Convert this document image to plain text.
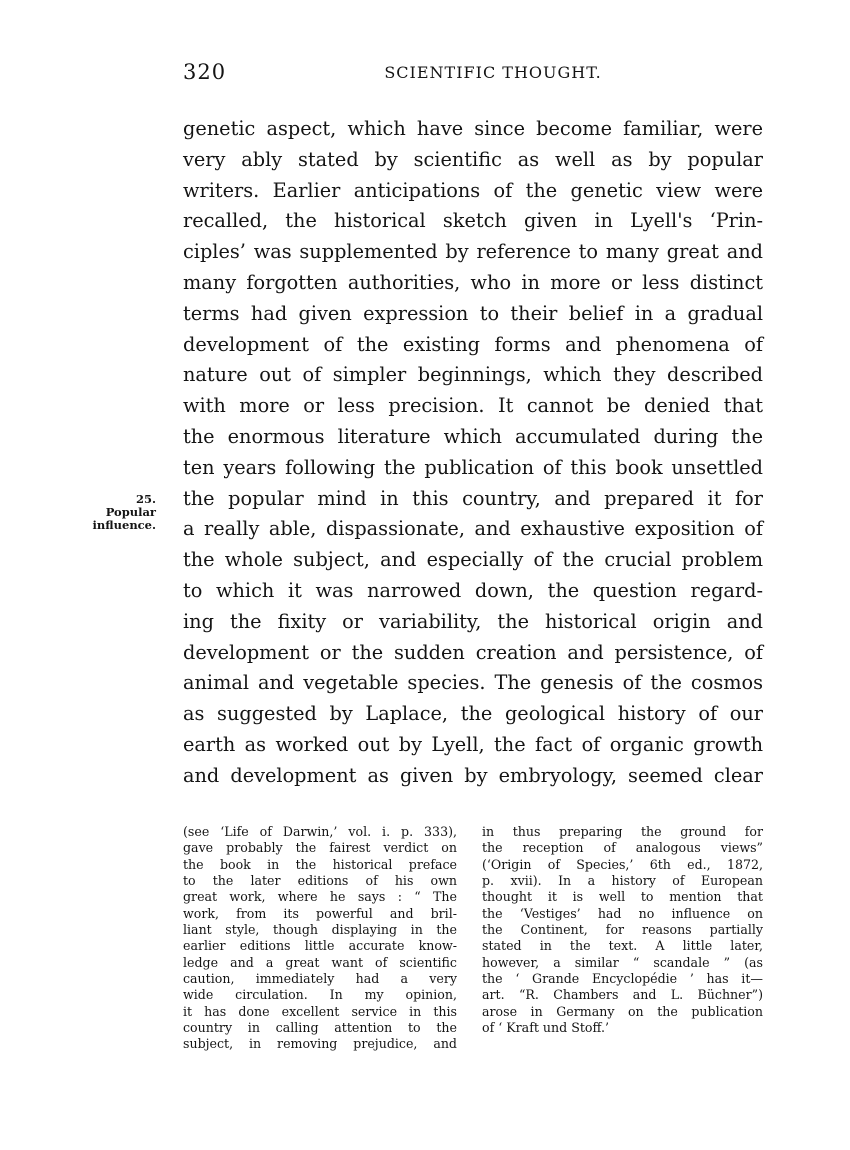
320	SCIENTIFIC THOUGHT.
25.
Popular
influence.
genetic aspect, which have since become familiar, were
very ably stated by scientific as well as by popular
writers. Earlier anticipations of the genetic view were
recalled, the historical sketch given in Lyell's ‘Prin-
ciples’ was supplemented by reference to many great and
many forgotten authorities, who in more or less distinct
terms had given expression to their belief in a gradual
development of the existing forms and phenomena of
nature out of simpler beginnings, which they described
with more or less precision. It cannot be denied that
the enormous literature which accumulated during the
ten years following the publication of this book unsettled
the popular mind in this country, and prepared it for
a really able, dispassionate, and exhaustive exposition of
the whole subject, and especially of the crucial problem
to which it was narrowed down, the question regard-
ing the fixity or variability, the historical origin and
development or the sudden creation and persistence, of
animal and vegetable species. The genesis of the cosmos
as suggested by Laplace, the geological history of our
earth as worked out by Lyell, the fact of organic growth
and development as given by embryology, seemed clear
(see ‘Life of Darwin,’ vol. i. p. 333),
gave probably the fairest verdict on
the book in the historical preface
to the later editions of his own
great work, where he says : “ The
work, from its powerful and bril-
liant style, though displaying in the
earlier editions little accurate know-
ledge and a great want of scientific
caution, immediately had a very
wide circulation. In my opinion,
it has done excellent service in this
country in calling attention to the
subject, in removing prejudice, and
in thus preparing the ground for
the reception of analogous views”
(‘Origin of Species,’ 6th ed., 1872,
p. xvii). In a history of European
thought it is well to mention that
the ‘Vestiges’ had no influence on
the Continent, for reasons partially
stated in the text. A little later,
however, a similar “ scandale ” (as
the ‘ Grande Encyclopédie ’ has it—
art. “R. Chambers and L. Büchner”)
arose in Germany on the publication
of ‘ Kraft und Stoff.’
